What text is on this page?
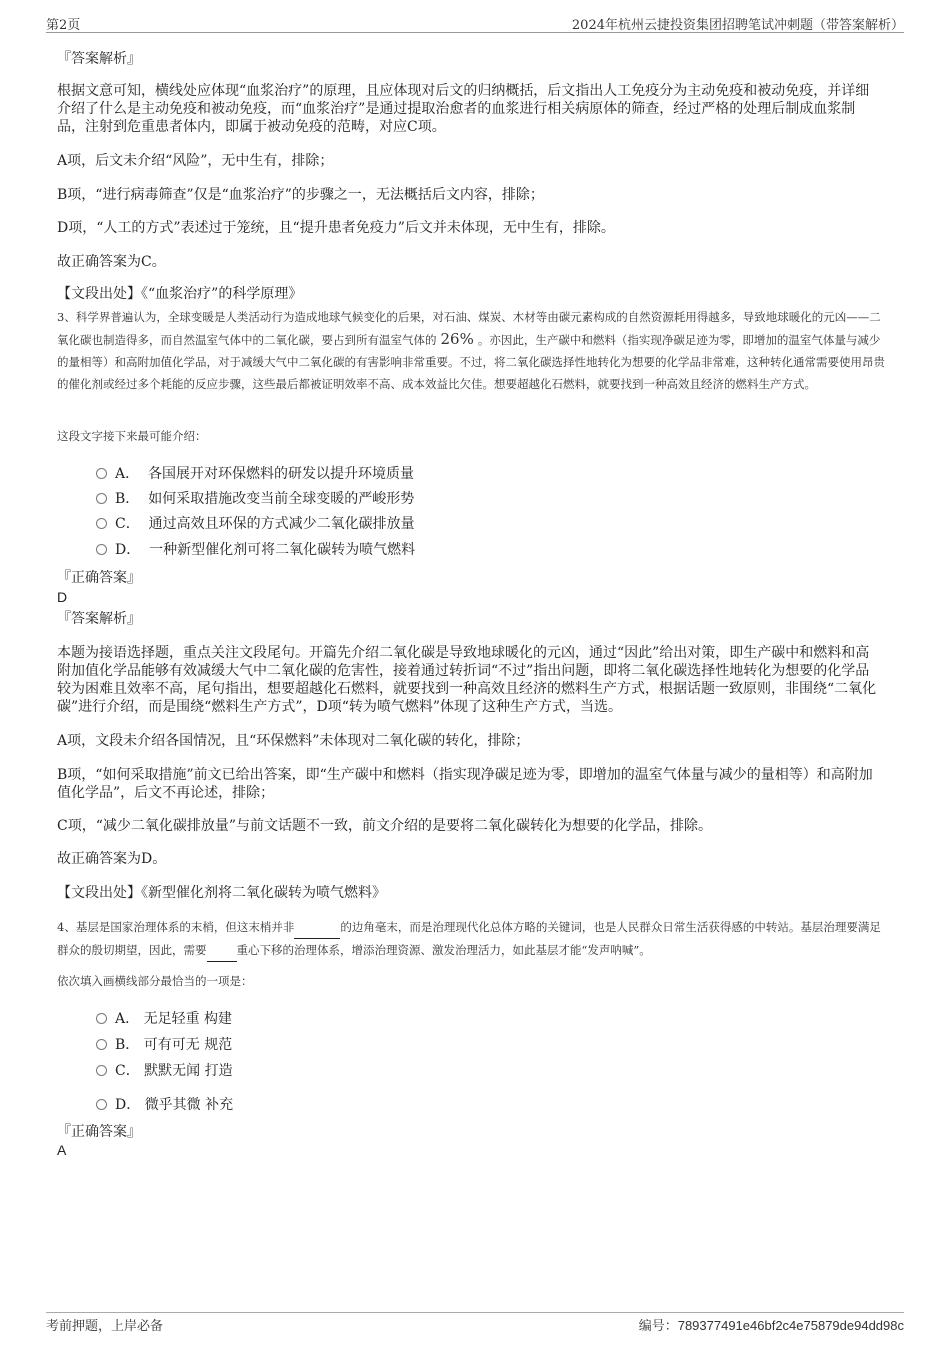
第2页	2024年杭州云捷投资集团招聘笔试冲刺题（带答案解析）
『答案解析』
根据文意可知，横线处应体现“血浆治疗”的原理，且应体现对后文的归纳概括，后文指出人工免疫分为主动免疫和被动免疫，并详细介绍了什么是主动免疫和被动免疫，而“血浆治疗”是通过提取治愈者的血浆进行相关病原体的筛查，经过严格的处理后制成血浆制品，注射到危重患者体内，即属于被动免疫的范畴，对应C项。
A项，后文未介绍“风险”，无中生有，排除；
B项，“进行病毒筛查”仅是“血浆治疗”的步骤之一，无法概括后文内容，排除；
D项，“人工的方式”表述过于笼统，且“提升患者免疫力”后文并未体现，无中生有，排除。
故正确答案为C。
【文段出处】《“血浆治疗”的科学原理》
3、科学界普遍认为，全球变暖是人类活动行为造成地球气候变化的后果，对石油、煤炭、木材等由碳元素构成的自然资源耗用得越多，导致地球暖化的元凶——二氧化碳也制造得多，而自然温室气体中的二氧化碳，要占到所有温室气体的 26% 。亦因此，生产碳中和燃料（指实现净碳足迹为零，即增加的温室气体量与减少的量相等）和高附加值化学品，对于减缓大气中二氧化碳的有害影响非常重要。不过，将二氧化碳选择性地转化为想要的化学品非常难，这种转化通常需要使用昂贵的催化剂或经过多个耗能的反应步骤，这些最后都被证明效率不高、成本效益比欠佳。想要超越化石燃料，就要找到一种高效且经济的燃料生产方式。
这段文字接下来最可能介绍：
A． 各国展开对环保燃料的研发以提升环境质量
B． 如何采取措施改变当前全球变暖的严峻形势
C． 通过高效且环保的方式减少二氧化碳排放量
D． 一种新型催化剂可将二氧化碳转为喷气燃料
『正确答案』
D
『答案解析』
本题为接语选择题，重点关注文段尾句。开篇先介绍二氧化碳是导致地球暖化的元凶，通过“因此”给出对策，即生产碳中和燃料和高附加值化学品能够有效减缓大气中二氧化碳的危害性，接着通过转折词“不过”指出问题，即将二氧化碳选择性地转化为想要的化学品较为困难且效率不高，尾句指出，想要超越化石燃料，就要找到一种高效且经济的燃料生产方式，根据话题一致原则，非围绕“二氧化碳”进行介绍，而是围绕“燃料生产方式”，D项“转为喷气燃料”体现了这种生产方式，当选。
A项，文段未介绍各国情况，且“环保燃料”未体现对二氧化碳的转化，排除；
B项，“如何采取措施”前文已给出答案，即“生产碳中和燃料（指实现净碳足迹为零，即增加的温室气体量与减少的量相等）和高附加值化学品”，后文不再论述，排除；
C项，“减少二氧化碳排放量”与前文话题不一致，前文介绍的是要将二氧化碳转化为想要的化学品，排除。
故正确答案为D。
【文段出处】《新型催化剂将二氧化碳转为喷气燃料》
4、基层是国家治理体系的末梢，但这末梢并非	的边角毫末，而是治理现代化总体方略的关键词，也是人民群众日常生活获得感的中转站。基层治理要满足群众的殷切期望，因此，需要	重心下移的治理体系，增添治理资源、激发治理活力，如此基层才能“发声呐喊”。
依次填入画横线部分最恰当的一项是：
A． 无足轻重 构建
B． 可有可无 规范
C． 默默无闻 打造
D． 微乎其微 补充
『正确答案』
A
考前押题，上岸必备	编号：789377491e46bf2c4e75879de94dd98c
